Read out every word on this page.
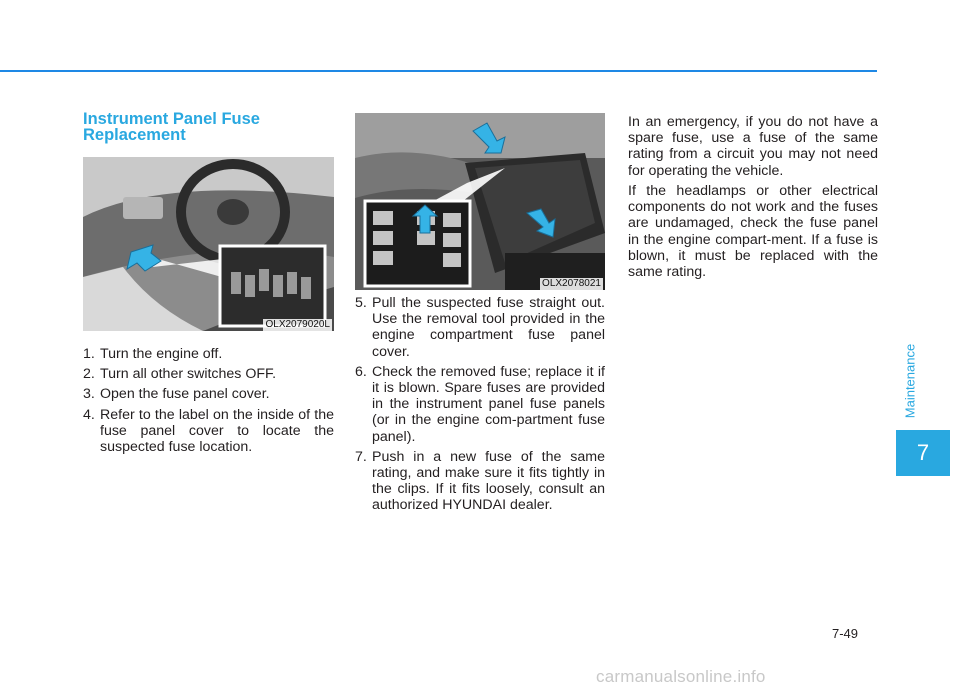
Instrument Panel Fuse Replacement
OLX2079020L
OLX2078021
1. Turn the engine off.
2. Turn all other switches OFF.
3. Open the fuse panel cover.
4. Refer to the label on the inside of the fuse panel cover to locate the suspected fuse location.
5. Pull the suspected fuse straight out. Use the removal tool provided in the engine compartment fuse panel cover.
6. Check the removed fuse; replace it if it is blown. Spare fuses are provided in the instrument panel fuse panels (or in the engine com-partment fuse panel).
7. Push in a new fuse of the same rating, and make sure it fits tightly in the clips. If it fits loosely, consult an authorized HYUNDAI dealer.

In an emergency, if you do not have a spare fuse, use a fuse of the same rating from a circuit you may not need for operating the vehicle.

If the headlamps or other electrical components do not work and the fuses are undamaged, check the fuse panel in the engine compart-ment. If a fuse is blown, it must be replaced with the same rating.

Maintenance
7
7-49
carmanualsonline.info
